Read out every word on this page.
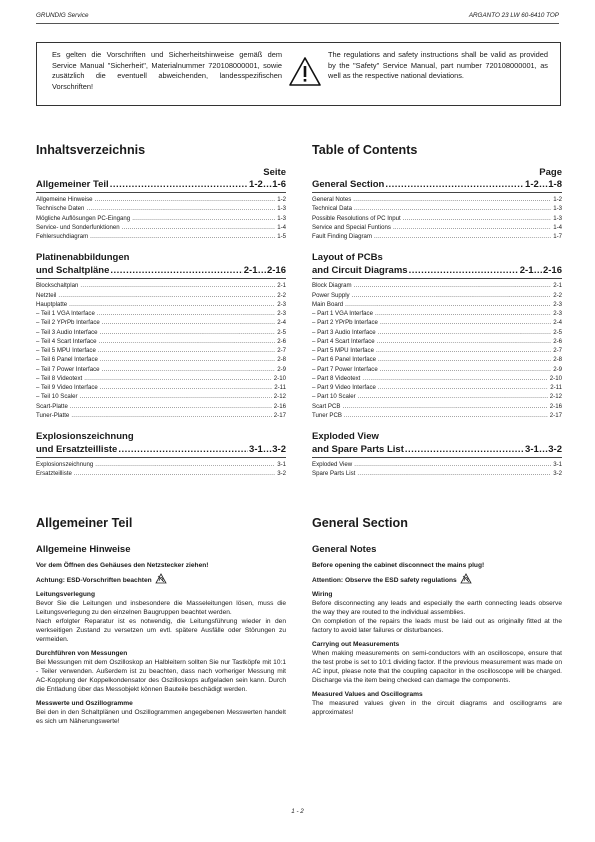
GRUNDIG Service	ARGANTO 23 LW 60-6410 TOP
Es gelten die Vorschriften und Sicherheitshinweise gemäß dem Service Manual "Sicherheit", Materialnummer 720108000001, sowie zusätzlich die eventuell abweichenden, landesspezifischen Vorschriften!
The regulations and safety instructions shall be valid as provided by the "Safety" Service Manual, part number 720108000001, as well as the respective national deviations.
Inhaltsverzeichnis
Seite
Allgemeiner Teil .....	1-2…1-6
Allgemeine Hinweise .....	1-2
Technische Daten .....	1-3
Mögliche Auflösungen PC-Eingang .....	1-3
Service- und Sonderfunktionen .....	1-4
Fehlersuchdiagram .....	1-5
Platinenabbildungen
und Schaltpläne .....	2-1…2-16
Blockschaltplan .....	2-1
Netzteil .....	2-2
Hauptplatte .....	2-3
– Teil 1 VGA Interface .....	2-3
– Teil 2 YPrPb Interface .....	2-4
– Teil 3 Audio Interface .....	2-5
– Teil 4 Scart Interface .....	2-6
– Teil 5 MPU Interface .....	2-7
– Teil 6 Panel Interface .....	2-8
– Teil 7 Power Interface .....	2-9
– Teil 8 Videotext .....	2-10
– Teil 9 Video Interface .....	2-11
– Teil 10 Scaler .....	2-12
Scart-Platte .....	2-16
Tuner-Platte .....	2-17
Explosionszeichnung
und Ersatzteilliste .....	3-1…3-2
Explosionszeichnung .....	3-1
Ersatzteilliste .....	3-2
Table of Contents
Page
General Section .....	1-2…1-8
General Notes .....	1-2
Technical Data .....	1-3
Possible Resolutions of PC Input .....	1-3
Service and Special Funtions .....	1-4
Fault Finding Diagram .....	1-7
Layout of PCBs
and Circuit Diagrams .....	2-1…2-16
Block Diagram .....	2-1
Power Supply .....	2-2
Main Board .....	2-3
– Part 1 VGA Interface .....	2-3
– Part 2 YPrPb Interface .....	2-4
– Part 3 Audio Interface .....	2-5
– Part 4 Scart Interface .....	2-6
– Part 5 MPU Interface .....	2-7
– Part 6 Panel Interface .....	2-8
– Part 7 Power Interface .....	2-9
– Part 8 Videotext .....	2-10
– Part 9 Video Interface .....	2-11
– Part 10 Scaler .....	2-12
Scart PCB .....	2-16
Tuner PCB .....	2-17
Exploded View
and Spare Parts List .....	3-1…3-2
Exploded View .....	3-1
Spare Parts List .....	3-2
Allgemeiner Teil
Allgemeine Hinweise
Vor dem Öffnen des Gehäuses den Netzstecker ziehen!
Achtung: ESD-Vorschriften beachten
Leitungsverlegung
Bevor Sie die Leitungen und insbesondere die Masseleitungen lösen, muss die Leitungsverlegung zu den einzelnen Baugruppen beachtet werden.
Nach erfolgter Reparatur ist es notwendig, die Leitungsführung wieder in den werkseitigen Zustand zu versetzen um evtl. spätere Ausfälle oder Störungen zu vermeiden.
Durchführen von Messungen
Bei Messungen mit dem Oszilloskop an Halbleitern sollten Sie nur Tastköpfe mit 10:1 - Teiler verwenden. Außerdem ist zu beachten, dass nach vorheriger Messung mit AC-Kopplung der Koppelkondensator des Oszilloskops aufgeladen sein kann. Durch die Entladung über das Messobjekt können Bauteile beschädigt werden.
Messwerte und Oszillogramme
Bei den in den Schaltplänen und Oszillogrammen angegebenen Messwerten handelt es sich um Näherungswerte!
General Section
General Notes
Before opening the cabinet disconnect the mains plug!
Attention: Observe the ESD safety regulations
Wiring
Before disconnecting any leads and especially the earth connecting leads observe the way they are routed to the individual assemblies.
On completion of the repairs the leads must be laid out as originally fitted at the factory to avoid later failures or disturbances.
Carrying out Measurements
When making measurements on semi-conductors with an oscilloscope, ensure that the test probe is set to 10:1 dividing factor. If the previous measurement was made on AC input, please note that the coupling capacitor in the oscilloscope will be charged. Discharge via the item being checked can damage the components.
Measured Values and Oscillograms
The measured values given in the circuit diagrams and oscillograms are approximates!
1 - 2
